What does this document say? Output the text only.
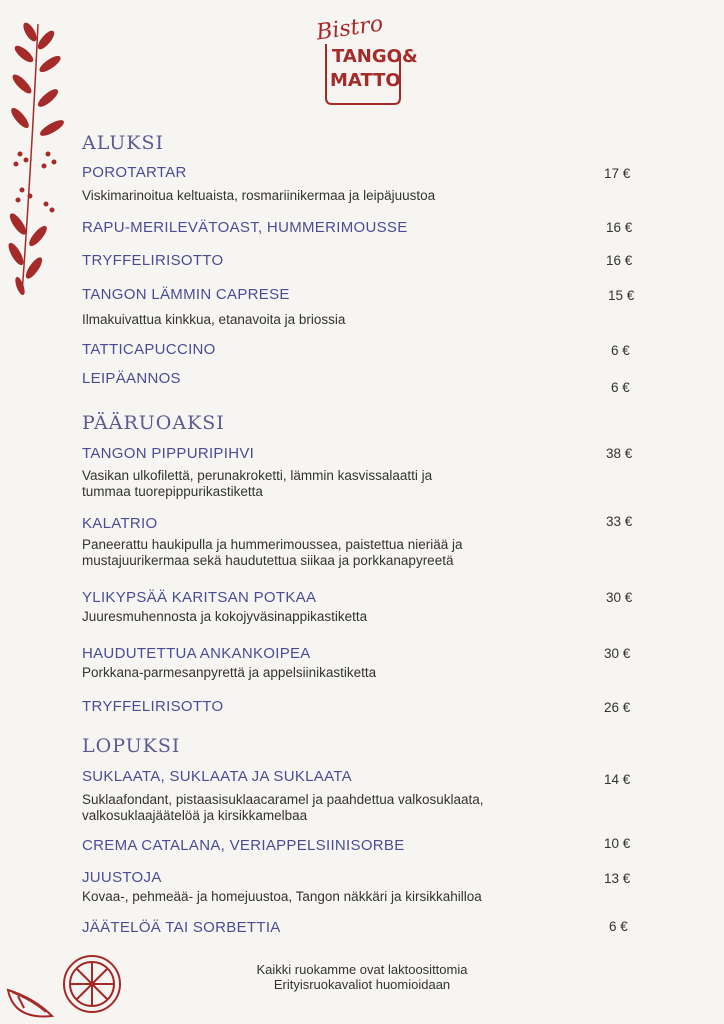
Bistro
TANGO&
MATTO
ALUKSI
POROTARTAR
Viskimarinoitua keltuaista, rosmariinikermaa ja leipäjuustoa
17 €
RAPU-MERILEVÄTOAST, HUMMERIMOUSSE	16 €
TRYFFELIRISOTTO	16 €
TANGON LÄMMIN CAPRESE
Ilmakuivattua kinkkua, etanavoita ja briossia
15 €
TATTICAPUCCINO	6 €
LEIPÄANNOS
6 €
PÄÄRUOAKSI
TANGON PIPPURIPIHVI
Vasikan ulkofilettä, perunakroketti, lämmin kasvissalaatti ja
tummaa tuorepippurikastiketta
38 €
KALATRIO
Paneerattu haukipulla ja hummerimoussea, paistettua nieriää ja
mustajuurikermaa sekä haudutettua siikaa ja porkkanapyreetä
33 €
YLIKYPSÄÄ KARITSAN POTKAA
Juuresmuhennosta ja kokojyväsinappikastiketta
30 €
HAUDUTETTUA ANKANKOIPEA
Porkkana-parmesanpyrettä ja appelsiinikastiketta
30 €
TRYFFELIRISOTTO	26 €
LOPUKSI
SUKLAATA, SUKLAATA JA SUKLAATA
Suklaafondant, pistaasisuklaacaramel ja paahdettua valkosuklaata,
valkosuklaajäätelöä ja kirsikkamelbaa
14 €
CREMA CATALANA, VERIAPPELSIINISORBE	10 €
JUUSTOJA
Kovaa-, pehmeää- ja homejuustoa, Tangon näkkäri ja kirsikkahilloa
13 €
JÄÄTELÖÄ TAI SORBETTIA	6 €
Kaikki ruokamme ovat laktoosittomia
Erityisruokavaliot huomioidaan
